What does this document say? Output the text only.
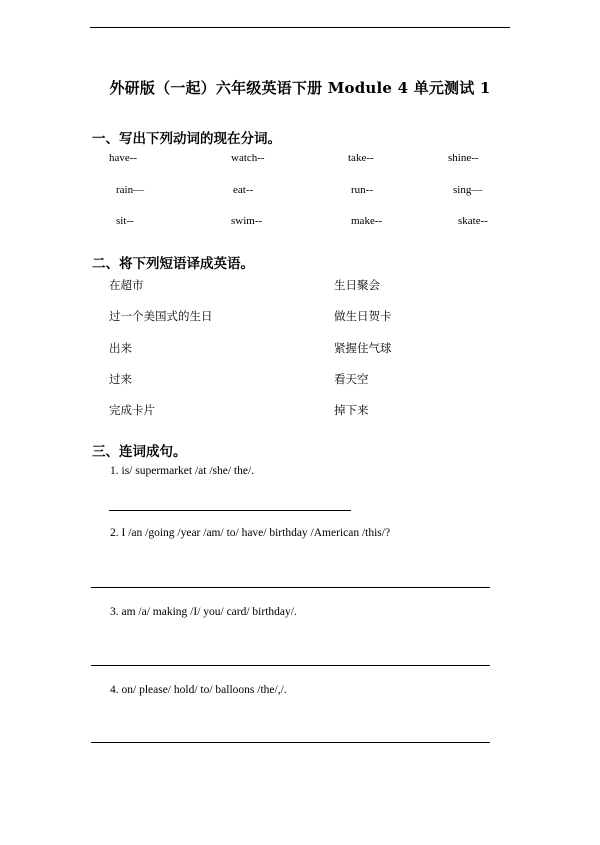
外研版（一起）六年级英语下册 Module 4 单元测试 1
一、写出下列动词的现在分词。
have--	watch--	take--	shine--
rain—	eat--	run--	sing—
sit--	swim--	make--	skate--
二、将下列短语译成英语。
在超市	生日聚会
过一个美国式的生日	做生日贺卡
出来	紧握住气球
过来	看天空
完成卡片	掉下来
三、连词成句。
1. is/ supermarket /at /she/ the/.
2. I /an /going /year /am/ to/ have/ birthday /American /this/?
3. am /a/ making /I/ you/ card/ birthday/.
4. on/ please/ hold/ to/ balloons /the/,/.
